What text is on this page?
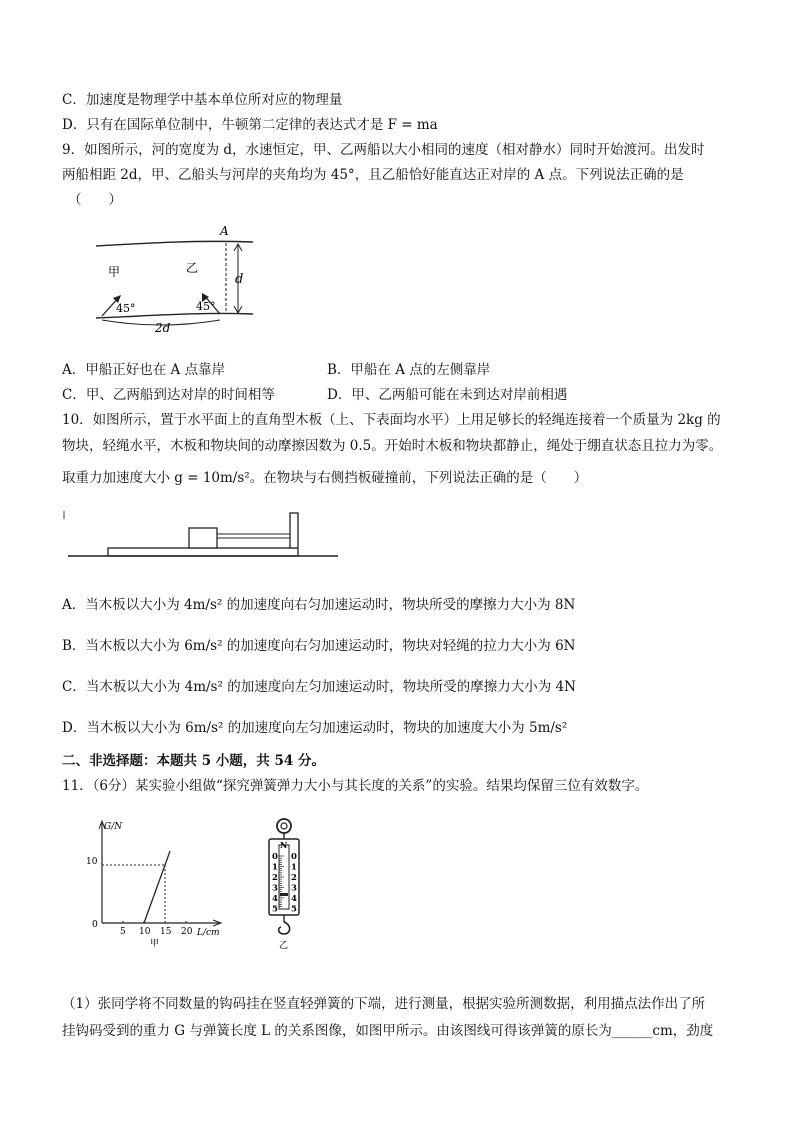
C．加速度是物理学中基本单位所对应的物理量
D．只有在国际单位制中，牛顿第二定律的表达式才是 F = ma
9．如图所示，河的宽度为 d，水速恒定，甲、乙两船以大小相同的速度（相对静水）同时开始渡河。出发时
两船相距 2d，甲、乙船头与河岸的夹角均为 45°，且乙船恰好能直达正对岸的 A 点。下列说法正确的是
（　　）
A
d
甲	乙
45°	45°
2d
A．甲船正好也在 A 点靠岸	B．甲船在 A 点的左侧靠岸
C．甲、乙两船到达对岸的时间相等	D．甲、乙两船可能在未到达对岸前相遇
10．如图所示，置于水平面上的直角型木板（上、下表面均水平）上用足够长的轻绳连接着一个质量为 2kg 的
物块，轻绳水平，木板和物块间的动摩擦因数为 0.5。开始时木板和物块都静止，绳处于绷直状态且拉力为零。
取重力加速度大小 g = 10m/s²。在物块与右侧挡板碰撞前，下列说法正确的是（　　）
A．当木板以大小为 4m/s² 的加速度向右匀加速运动时，物块所受的摩擦力大小为 8N
B．当木板以大小为 6m/s² 的加速度向右匀加速运动时，物块对轻绳的拉力大小为 6N
C．当木板以大小为 4m/s² 的加速度向左匀加速运动时，物块所受的摩擦力大小为 4N
D．当木板以大小为 6m/s² 的加速度向左匀加速运动时，物块的加速度大小为 5m/s²
二、非选择题：本题共 5 小题，共 54 分。
11．（6分）某实验小组做“探究弹簧弹力大小与其长度的关系”的实验。结果均保留三位有效数字。
G/N
L/cm
0
10
5 10 15 20
甲
N
0 0
1 1
2 2
3 3
4 4
5 5
乙
（1）张同学将不同数量的钩码挂在竖直轻弹簧的下端，进行测量，根据实验所测数据，利用描点法作出了所
挂钩码受到的重力 G 与弹簧长度 L 的关系图像，如图甲所示。由该图线可得该弹簧的原长为______cm，劲度
